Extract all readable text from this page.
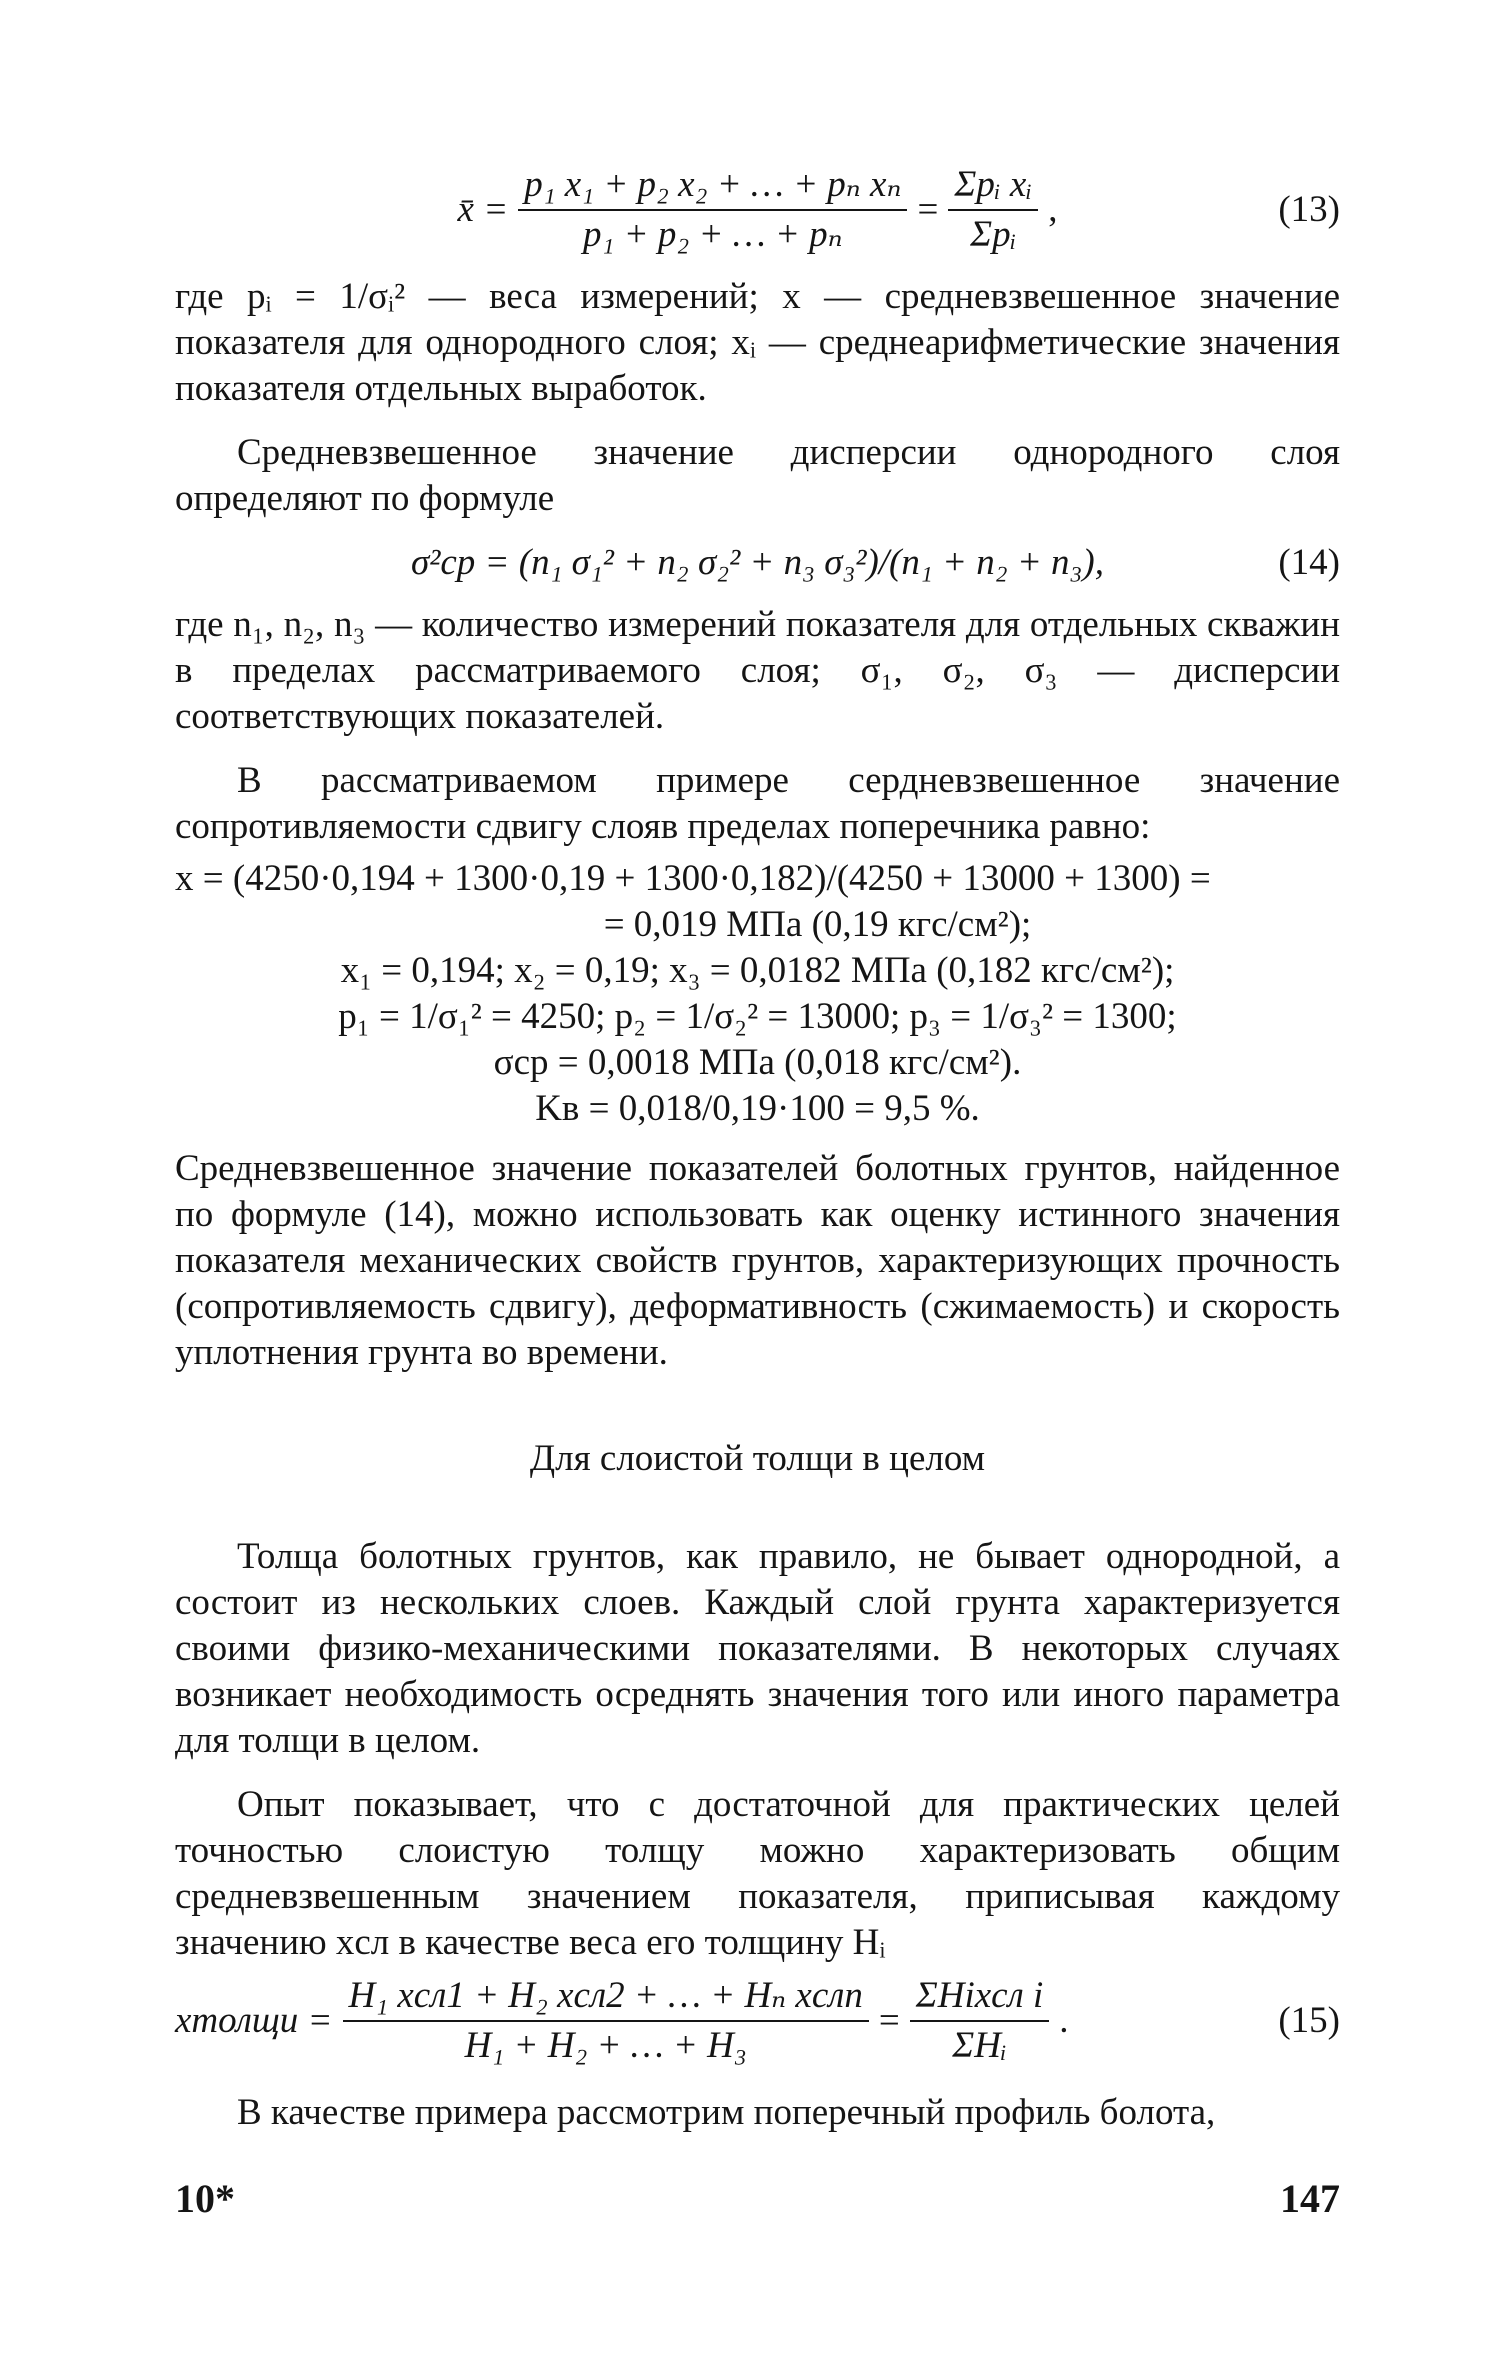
x̄ = $\frac{\text{p₁ x₁ + p₂ x₂ + … + pₙ xₙ}}{\text{p₁ + p₂ + … + pₙ}} = \frac{\text{Σpᵢ xᵢ}}{\text{Σpᵢ}}$ ,	(13)

где pᵢ = 1/σᵢ² — веса измерений; x — средневзвешенное значение показателя для однородного слоя; xᵢ — среднеарифметические значения показателя отдельных выработок.

Средневзвешенное значение дисперсии однородного слоя определяют по формуле

σ²ср = (n₁ σ₁² + n₂ σ₂² + n₃ σ₃²)/(n₁ + n₂ + n₃),	(14)

где n₁, n₂, n₃ — количество измерений показателя для отдельных скважин в пределах рассматриваемого слоя; σ₁, σ₂, σ₃ — дисперсии соответствующих показателей.

В рассматриваемом примере сердневзвешенное значение сопротивляемости сдвигу слояв пределах поперечника равно:

x = (4250·0,194 + 1300·0,19 + 1300·0,182)/(4250 + 13000 + 1300) =
= 0,019 МПа (0,19 кгс/см²);
x₁ = 0,194; x₂ = 0,19; x₃ = 0,0182 МПа (0,182 кгс/см²);
p₁ = 1/σ₁² = 4250; p₂ = 1/σ₂² = 13000; p₃ = 1/σ₃² = 1300;
σср = 0,0018 МПа (0,018 кгс/см²).
Kв = 0,018/0,19·100 = 9,5 %.

Средневзвешенное значение показателей болотных грунтов, найденное по формуле (14), можно использовать как оценку истинного значения показателя механических свойств грунтов, характеризующих прочность (сопротивляемость сдвигу), деформативность (сжимаемость) и скорость уплотнения грунта во времени.

Для слоистой толщи в целом

Толща болотных грунтов, как правило, не бывает однородной, а состоит из нескольких слоев. Каждый слой грунта характеризуется своими физико-механическими показателями. В некоторых случаях возникает необходимость осреднять значения того или иного параметра для толщи в целом.

Опыт показывает, что с достаточной для практических целей точностью слоистую толщу можно характеризовать общим средневзвешенным значением показателя, приписывая каждому значению xсл в качестве веса его толщину Hᵢ

xтолщи = $\frac{\text{H₁ xсл1 + H₂ xсл2 + … + Hₙ xслn}}{\text{H₁ + H₂ + … + H₃}} = \frac{\text{ΣHixсл i}}{\text{ΣHᵢ}}$ .	(15)

В качестве примера рассмотрим поперечный профиль болота,

10*	147
